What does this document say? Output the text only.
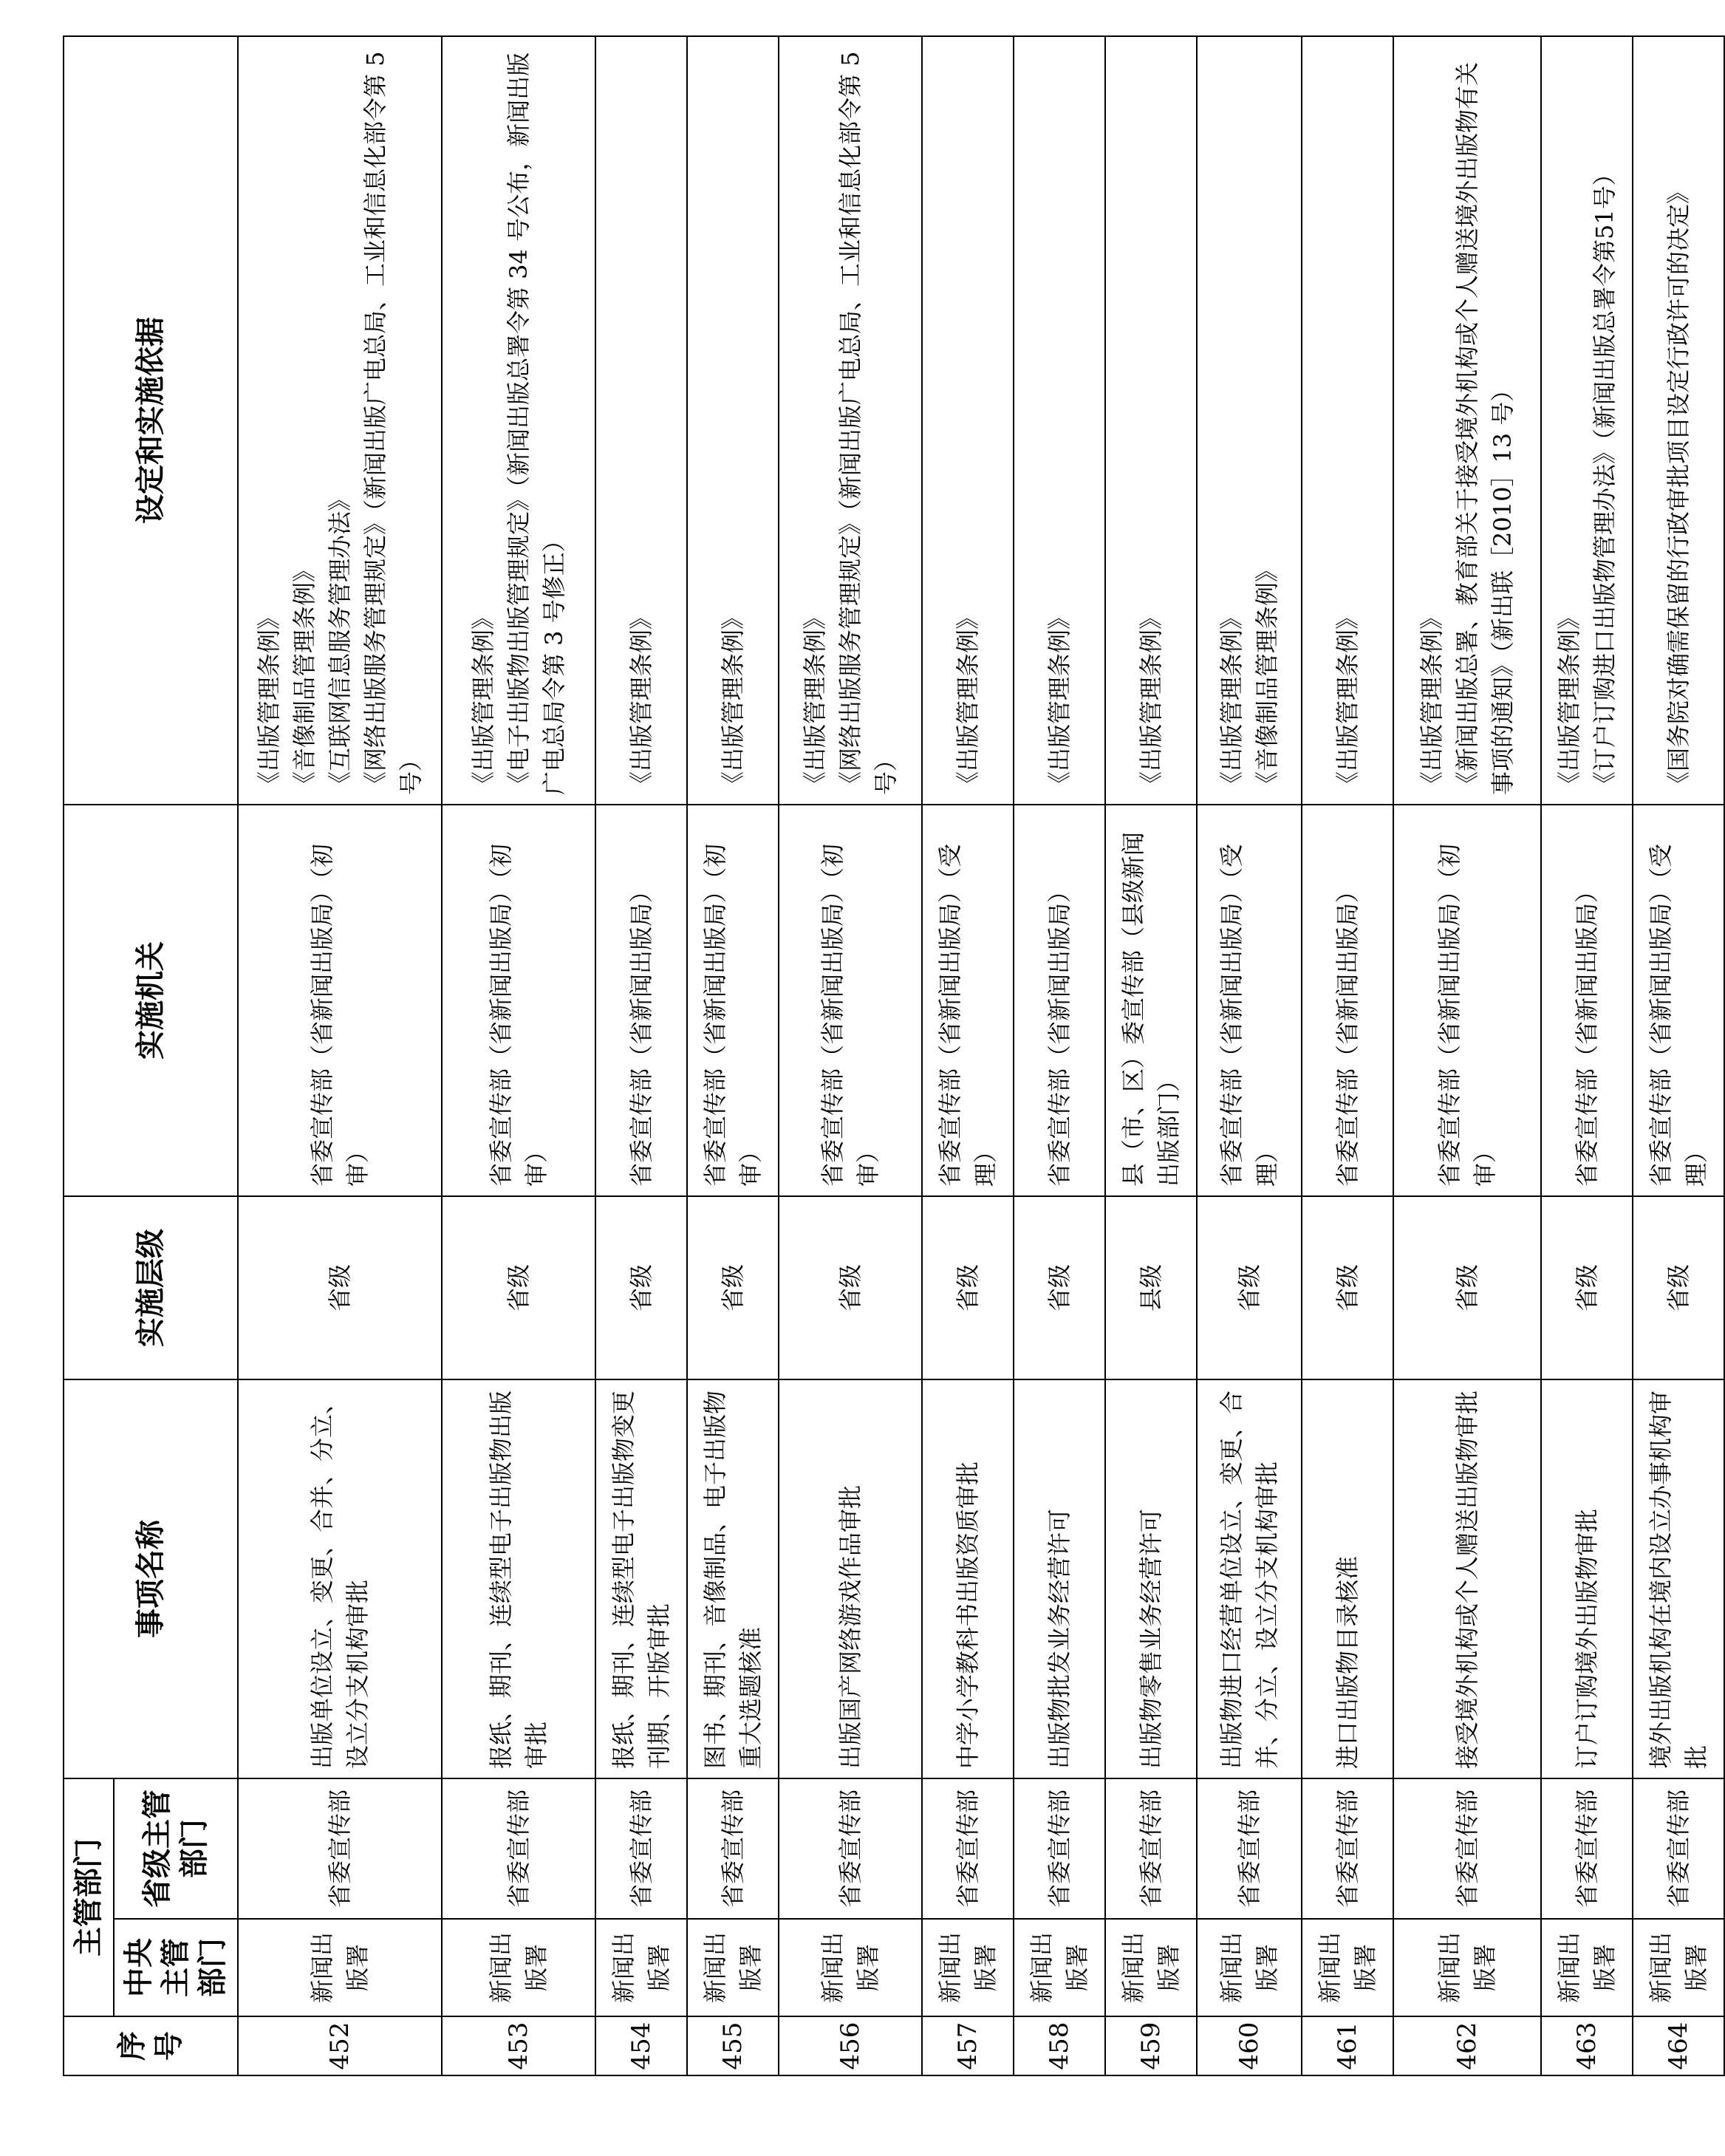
序号	主管部门		事项名称	实施层级	实施机关	设定和实施依据
	中央主管部门	省级主管部门				
452	新闻出版署	省委宣传部	出版单位设立、变更、合并、分立、设立分支机构审批	省级	省委宣传部（省新闻出版局）（初审）	《出版管理条例》 《音像制品管理条例》 《互联网信息服务管理办法》 《网络出版服务管理规定》（新闻出版广电总局、工业和信息化部令第 5 号）

453	新闻出版署	省委宣传部	报纸、期刊、连续型电子出版物出版审批	省级	省委宣传部（省新闻出版局）（初审）	《出版管理条例》 《电子出版物出版管理规定》（新闻出版总署令第 34 号公布，新闻出版广电总局令第 3 号修正）

454	新闻出版署	省委宣传部	报纸、期刊、连续型电子出版物变更刊期、开版审批	省级	省委宣传部（省新闻出版局）	《出版管理条例》

455	新闻出版署	省委宣传部	图书、期刊、音像制品、电子出版物重大选题核准	省级	省委宣传部（省新闻出版局）（初审）	《出版管理条例》

456	新闻出版署	省委宣传部	出版国产网络游戏作品审批	省级	省委宣传部（省新闻出版局）（初审）	《出版管理条例》 《网络出版服务管理规定》（新闻出版广电总局、工业和信息化部令第 5 号）

457	新闻出版署	省委宣传部	中学小学教科书出版资质审批	省级	省委宣传部（省新闻出版局）（受理）	《出版管理条例》

458	新闻出版署	省委宣传部	出版物批发业务经营许可	省级	省委宣传部（省新闻出版局）	《出版管理条例》

459	新闻出版署	省委宣传部	出版物零售业务经营许可	县级	县（市、区）委宣传部（县级新闻出版部门）	《出版管理条例》

460	新闻出版署	省委宣传部	出版物进口经营单位设立、变更、合并、分立、设立分支机构审批	省级	省委宣传部（省新闻出版局）（受理）	《出版管理条例》 《音像制品管理条例》

461	新闻出版署	省委宣传部	进口出版物目录核准	省级	省委宣传部（省新闻出版局）	《出版管理条例》

462	新闻出版署	省委宣传部	接受境外机构或个人赠送出版物审批	省级	省委宣传部（省新闻出版局）（初审）	《出版管理条例》 《新闻出版总署、教育部关于接受境外机构或个人赠送境外出版物有关事项的通知》（新出联［2010］13 号）

463	新闻出版署	省委宣传部	订户订购境外出版物审批	省级	省委宣传部（省新闻出版局）	《出版管理条例》 《订户订购进口出版物管理办法》（新闻出版总署令第51号）

464	新闻出版署	省委宣传部	境外出版机构在境内设立办事机构审批	省级	省委宣传部（省新闻出版局）（受理）	《国务院对确需保留的行政审批项目设定行政许可的决定》
